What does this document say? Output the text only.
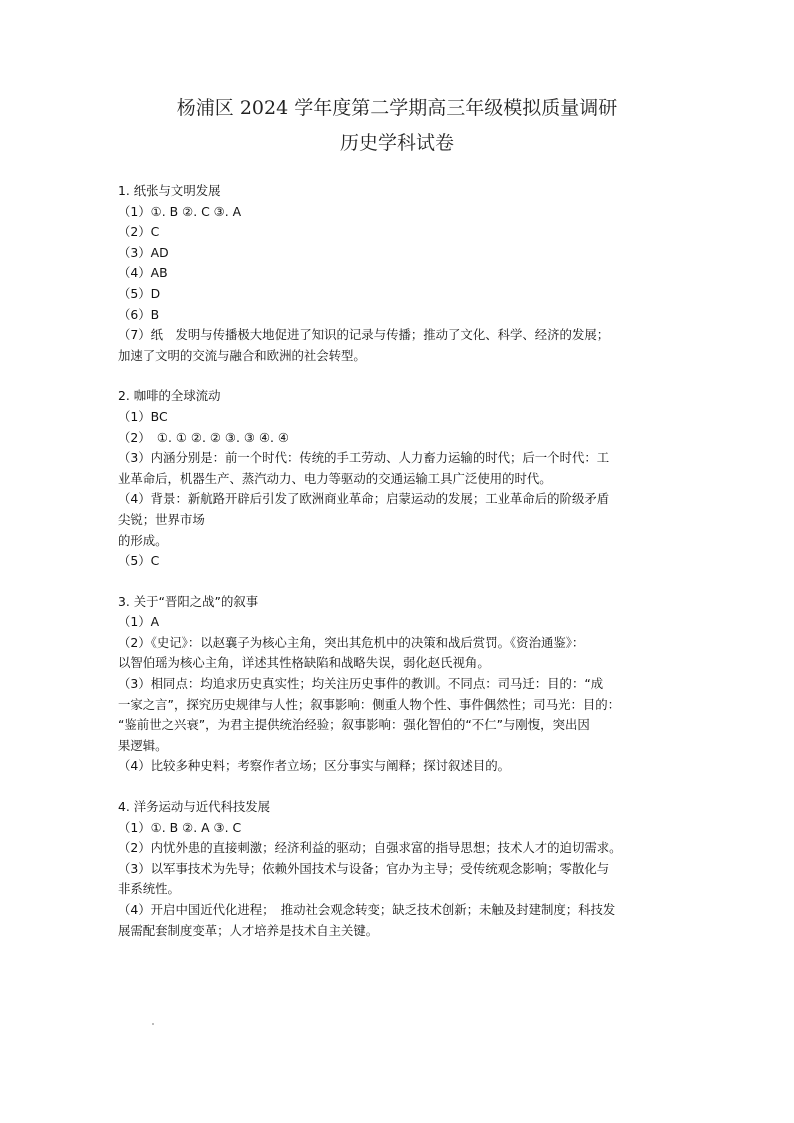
杨浦区 2024 学年度第二学期高三年级模拟质量调研
历史学科试卷
1. 纸张与文明发展
（1）①. B ②. C ③. A
（2）C
（3）AD
（4）AB
（5）D
（6）B
（7）纸　发明与传播极大地促进了知识的记录与传播；推动了文化、科学、经济的发展；
加速了文明的交流与融合和欧洲的社会转型。
2. 咖啡的全球流动
（1）BC
（2）　①. ① ②. ② ③. ③ ④. ④
（3）内涵分别是：前一个时代：传统的手工劳动、人力畜力运输的时代；后一个时代：工
业革命后，机器生产、蒸汽动力、电力等驱动的交通运输工具广泛使用的时代。
（4）背景：新航路开辟后引发了欧洲商业革命；启蒙运动的发展；工业革命后的阶级矛盾
尖锐；世界市场
的形成。
（5）C
3. 关于“晋阳之战”的叙事
（1）A
（2）《史记》：以赵襄子为核心主角，突出其危机中的决策和战后赏罚。《资治通鉴》：
以智伯瑶为核心主角，详述其性格缺陷和战略失误，弱化赵氏视角。
（3）相同点：均追求历史真实性；均关注历史事件的教训。不同点：司马迁：目的：“成
一家之言”，探究历史规律与人性；叙事影响：侧重人物个性、事件偶然性；司马光：目的：
“鉴前世之兴衰”，为君主提供统治经验；叙事影响：强化智伯的“不仁”与刚愎，突出因
果逻辑。
（4）比较多种史料；考察作者立场；区分事实与阐释；探讨叙述目的。
4. 洋务运动与近代科技发展
（1）①. B ②. A ③. C
（2）内忧外患的直接刺激；经济利益的驱动；自强求富的指导思想；技术人才的迫切需求。
（3）以军事技术为先导；依赖外国技术与设备；官办为主导；受传统观念影响；零散化与
非系统性。
（4）开启中国近代化进程；　推动社会观念转变；缺乏技术创新；未触及封建制度；科技发
展需配套制度变革；人才培养是技术自主关键。
